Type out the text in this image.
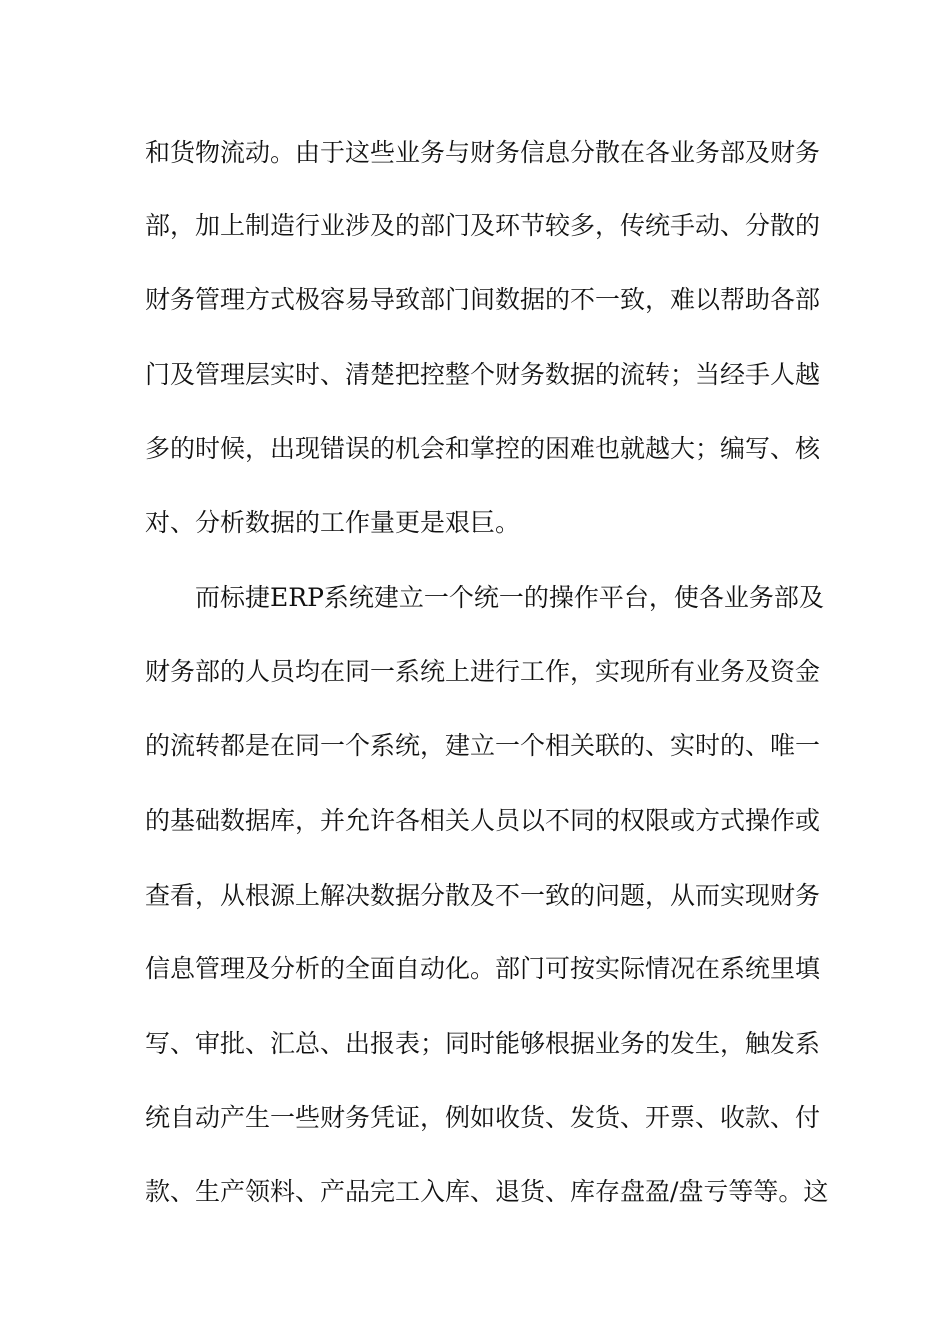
和货物流动。由于这些业务与财务信息分散在各业务部及财务
部，加上制造行业涉及的部门及环节较多，传统手动、分散的
财务管理方式极容易导致部门间数据的不一致，难以帮助各部
门及管理层实时、清楚把控整个财务数据的流转；当经手人越
多的时候，出现错误的机会和掌控的困难也就越大；编写、核
对、分析数据的工作量更是艰巨。
而标捷ERP系统建立一个统一的操作平台，使各业务部及
财务部的人员均在同一系统上进行工作，实现所有业务及资金
的流转都是在同一个系统，建立一个相关联的、实时的、唯一
的基础数据库，并允许各相关人员以不同的权限或方式操作或
查看，从根源上解决数据分散及不一致的问题，从而实现财务
信息管理及分析的全面自动化。部门可按实际情况在系统里填
写、审批、汇总、出报表；同时能够根据业务的发生，触发系
统自动产生一些财务凭证，例如收货、发货、开票、收款、付
款、生产领料、产品完工入库、退货、库存盘盈/盘亏等等。这
